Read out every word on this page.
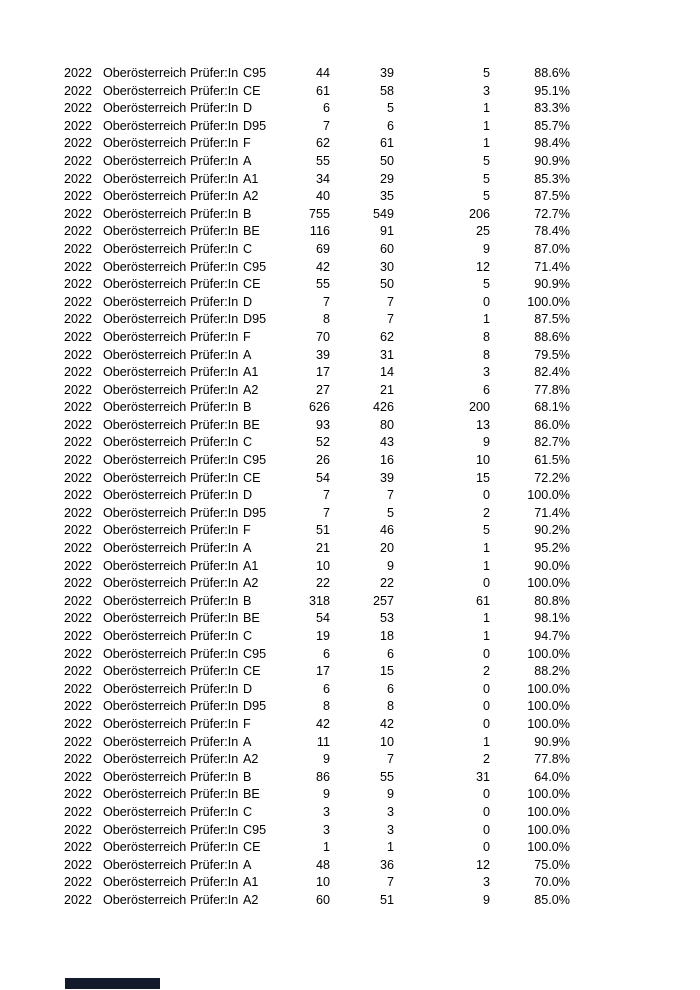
2022 Oberösterreich Prüfer:In C95	44	39	5	88.6%
2022 Oberösterreich Prüfer:In CE	61	58	3	95.1%
2022 Oberösterreich Prüfer:In D	6	5	1	83.3%
2022 Oberösterreich Prüfer:In D95	7	6	1	85.7%
2022 Oberösterreich Prüfer:In F	62	61	1	98.4%
2022 Oberösterreich Prüfer:In A	55	50	5	90.9%
2022 Oberösterreich Prüfer:In A1	34	29	5	85.3%
2022 Oberösterreich Prüfer:In A2	40	35	5	87.5%
2022 Oberösterreich Prüfer:In B	755	549	206	72.7%
2022 Oberösterreich Prüfer:In BE	116	91	25	78.4%
2022 Oberösterreich Prüfer:In C	69	60	9	87.0%
2022 Oberösterreich Prüfer:In C95	42	30	12	71.4%
2022 Oberösterreich Prüfer:In CE	55	50	5	90.9%
2022 Oberösterreich Prüfer:In D	7	7	0	100.0%
2022 Oberösterreich Prüfer:In D95	8	7	1	87.5%
2022 Oberösterreich Prüfer:In F	70	62	8	88.6%
2022 Oberösterreich Prüfer:In A	39	31	8	79.5%
2022 Oberösterreich Prüfer:In A1	17	14	3	82.4%
2022 Oberösterreich Prüfer:In A2	27	21	6	77.8%
2022 Oberösterreich Prüfer:In B	626	426	200	68.1%
2022 Oberösterreich Prüfer:In BE	93	80	13	86.0%
2022 Oberösterreich Prüfer:In C	52	43	9	82.7%
2022 Oberösterreich Prüfer:In C95	26	16	10	61.5%
2022 Oberösterreich Prüfer:In CE	54	39	15	72.2%
2022 Oberösterreich Prüfer:In D	7	7	0	100.0%
2022 Oberösterreich Prüfer:In D95	7	5	2	71.4%
2022 Oberösterreich Prüfer:In F	51	46	5	90.2%
2022 Oberösterreich Prüfer:In A	21	20	1	95.2%
2022 Oberösterreich Prüfer:In A1	10	9	1	90.0%
2022 Oberösterreich Prüfer:In A2	22	22	0	100.0%
2022 Oberösterreich Prüfer:In B	318	257	61	80.8%
2022 Oberösterreich Prüfer:In BE	54	53	1	98.1%
2022 Oberösterreich Prüfer:In C	19	18	1	94.7%
2022 Oberösterreich Prüfer:In C95	6	6	0	100.0%
2022 Oberösterreich Prüfer:In CE	17	15	2	88.2%
2022 Oberösterreich Prüfer:In D	6	6	0	100.0%
2022 Oberösterreich Prüfer:In D95	8	8	0	100.0%
2022 Oberösterreich Prüfer:In F	42	42	0	100.0%
2022 Oberösterreich Prüfer:In A	11	10	1	90.9%
2022 Oberösterreich Prüfer:In A2	9	7	2	77.8%
2022 Oberösterreich Prüfer:In B	86	55	31	64.0%
2022 Oberösterreich Prüfer:In BE	9	9	0	100.0%
2022 Oberösterreich Prüfer:In C	3	3	0	100.0%
2022 Oberösterreich Prüfer:In C95	3	3	0	100.0%
2022 Oberösterreich Prüfer:In CE	1	1	0	100.0%
2022 Oberösterreich Prüfer:In A	48	36	12	75.0%
2022 Oberösterreich Prüfer:In A1	10	7	3	70.0%
2022 Oberösterreich Prüfer:In A2	60	51	9	85.0%
